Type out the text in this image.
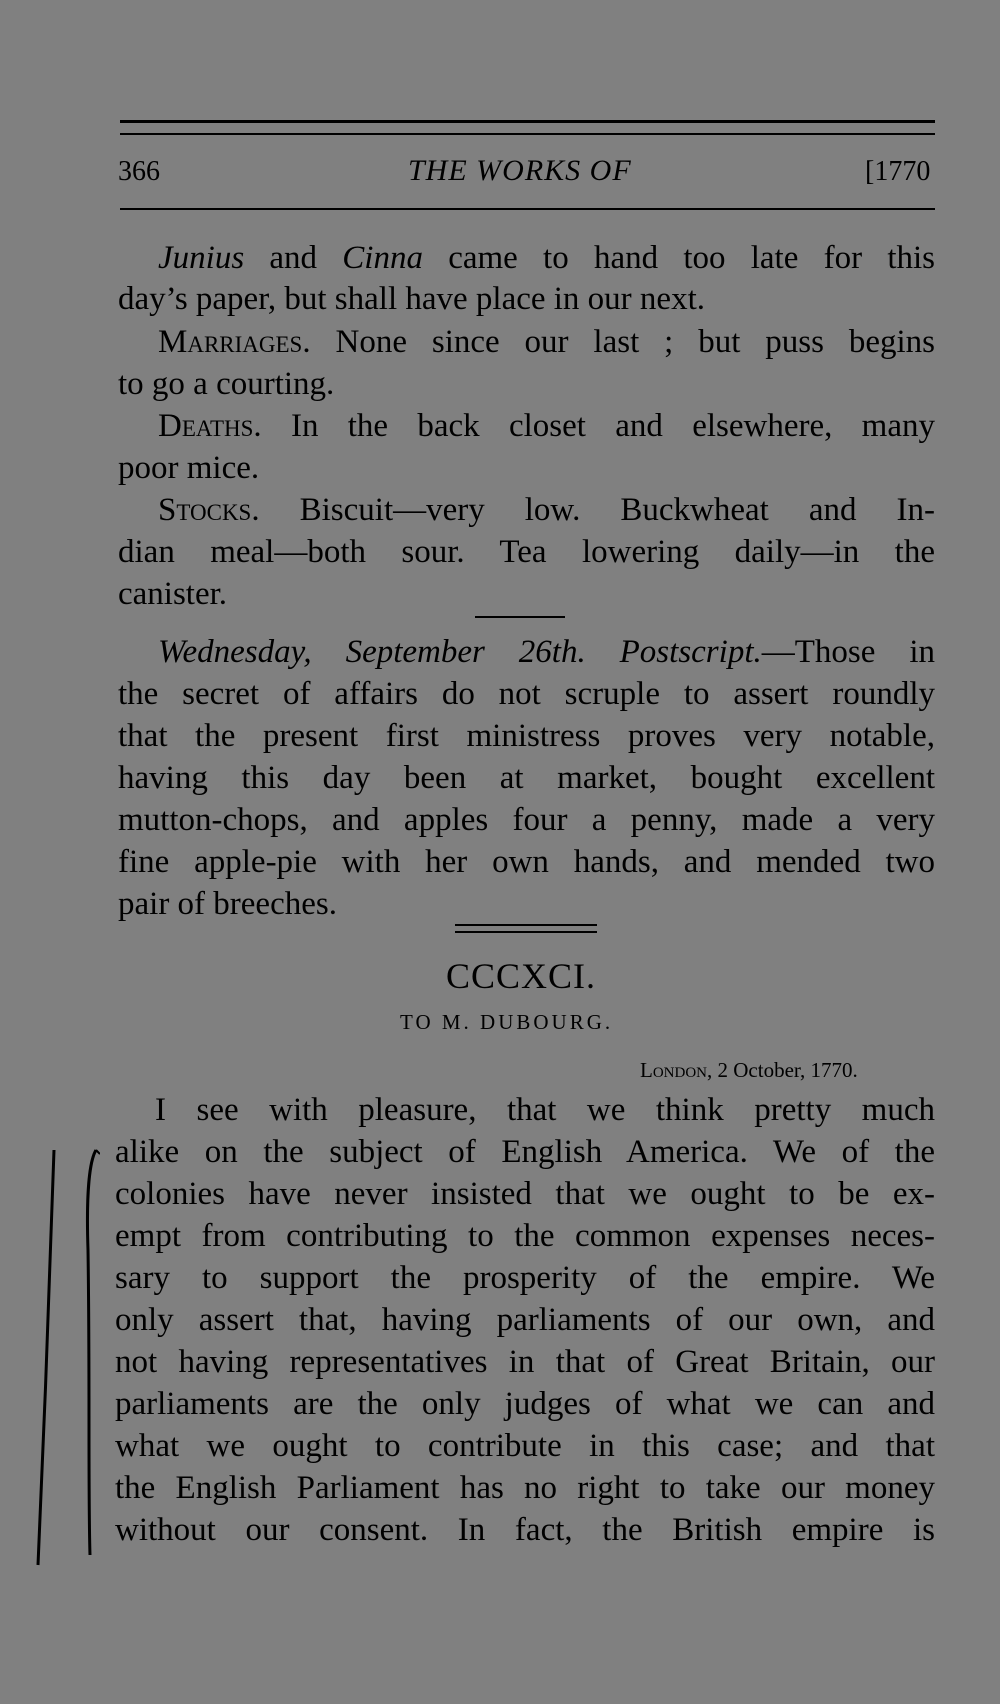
366	THE WORKS OF	[1770
Junius and Cinna came to hand too late for this
day’s paper, but shall have place in our next.
Marriages. None since our last ; but puss begins
to go a courting.
Deaths. In the back closet and elsewhere, many
poor mice.
Stocks. Biscuit—very low. Buckwheat and In-
dian meal—both sour. Tea lowering daily—in the
canister.
Wednesday, September 26th. Postscript.—Those in
the secret of affairs do not scruple to assert roundly
that the present first ministress proves very notable,
having this day been at market, bought excellent
mutton-chops, and apples four a penny, made a very
fine apple-pie with her own hands, and mended two
pair of breeches.
CCCXCI.
TO M. DUBOURG.
London, 2 October, 1770.
I see with pleasure, that we think pretty much
alike on the subject of English America. We of the
colonies have never insisted that we ought to be ex-
empt from contributing to the common expenses neces-
sary to support the prosperity of the empire. We
only assert that, having parliaments of our own, and
not having representatives in that of Great Britain, our
parliaments are the only judges of what we can and
what we ought to contribute in this case; and that
the English Parliament has no right to take our money
without our consent. In fact, the British empire is
